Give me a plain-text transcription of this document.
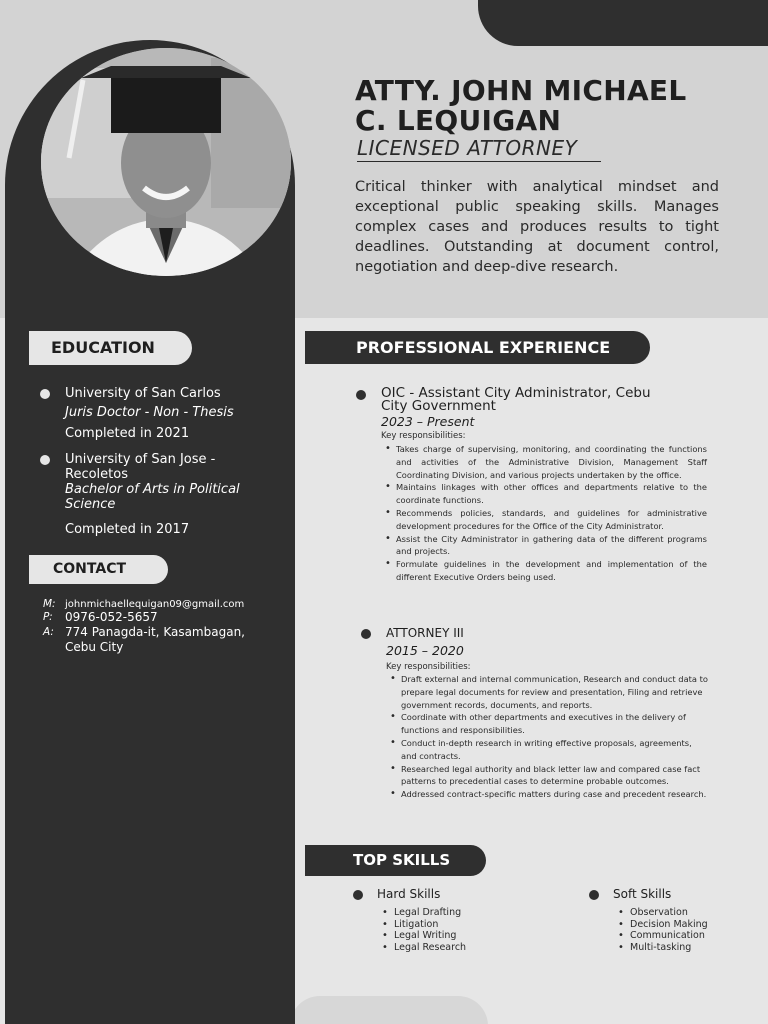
ATTY. JOHN MICHAEL
C. LEQUIGAN
LICENSED ATTORNEY
Critical thinker with analytical mindset and exceptional public speaking skills. Manages complex cases and produces results to tight deadlines. Outstanding at document control, negotiation and deep-dive research.
EDUCATION
University of San Carlos
Juris Doctor - Non - Thesis
Completed in 2021
University of San Jose - Recoletos
Bachelor of Arts in Political Science
Completed in 2017
CONTACT
M: johnmichaellequigan09@gmail.com
P: 0976-052-5657
A: 774 Panagda-it, Kasambagan, Cebu City
PROFESSIONAL EXPERIENCE
OIC - Assistant City Administrator, Cebu City Government
2023 – Present
Key responsibilities:
• Takes charge of supervising, monitoring, and coordinating the functions and activities of the Administrative Division, Management Staff Coordinating Division, and various projects undertaken by the office.
• Maintains linkages with other offices and departments relative to the coordinate functions.
• Recommends policies, standards, and guidelines for administrative development procedures for the Office of the City Administrator.
• Assist the City Administrator in gathering data of the different programs and projects.
• Formulate guidelines in the development and implementation of the different Executive Orders being used.
ATTORNEY III
2015 – 2020
Key responsibilities:
• Draft external and internal communication, Research and conduct data to prepare legal documents for review and presentation, Filing and retrieve government records, documents, and reports.
• Coordinate with other departments and executives in the delivery of functions and responsibilities.
• Conduct in-depth research in writing effective proposals, agreements, and contracts.
• Researched legal authority and black letter law and compared case fact patterns to precedential cases to determine probable outcomes.
• Addressed contract-specific matters during case and precedent research.
TOP SKILLS
Hard Skills
• Legal Drafting
• Litigation
• Legal Writing
• Legal Research
Soft Skills
• Observation
• Decision Making
• Communication
• Multi-tasking
